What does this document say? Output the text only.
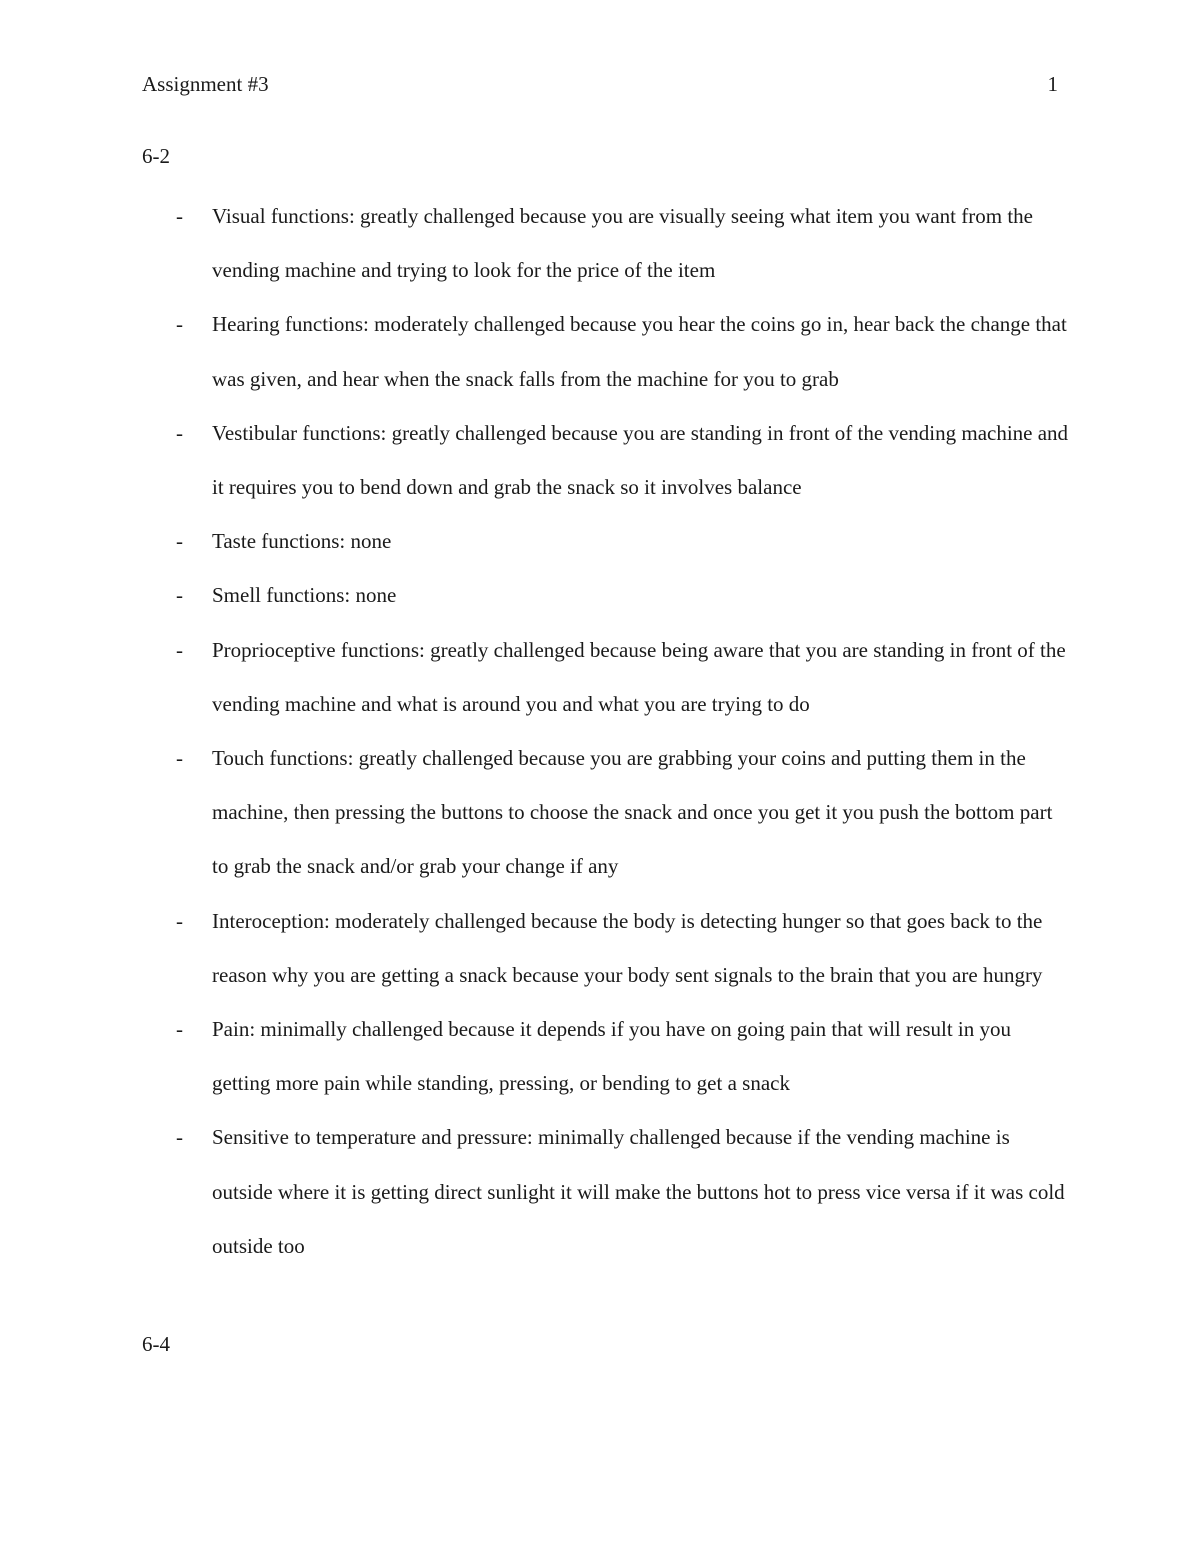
Assignment #3	1
6-2
- Visual functions: greatly challenged because you are visually seeing what item you want from the vending machine and trying to look for the price of the item
- Hearing functions: moderately challenged because you hear the coins go in, hear back the change that was given, and hear when the snack falls from the machine for you to grab
- Vestibular functions: greatly challenged because you are standing in front of the vending machine and it requires you to bend down and grab the snack so it involves balance
- Taste functions: none
- Smell functions: none
- Proprioceptive functions: greatly challenged because being aware that you are standing in front of the vending machine and what is around you and what you are trying to do
- Touch functions: greatly challenged because you are grabbing your coins and putting them in the machine, then pressing the buttons to choose the snack and once you get it you push the bottom part to grab the snack and/or grab your change if any
- Interoception: moderately challenged because the body is detecting hunger so that goes back to the reason why you are getting a snack because your body sent signals to the brain that you are hungry
- Pain: minimally challenged because it depends if you have on going pain that will result in you getting more pain while standing, pressing, or bending to get a snack
- Sensitive to temperature and pressure: minimally challenged because if the vending machine is outside where it is getting direct sunlight it will make the buttons hot to press vice versa if it was cold outside too
6-4
